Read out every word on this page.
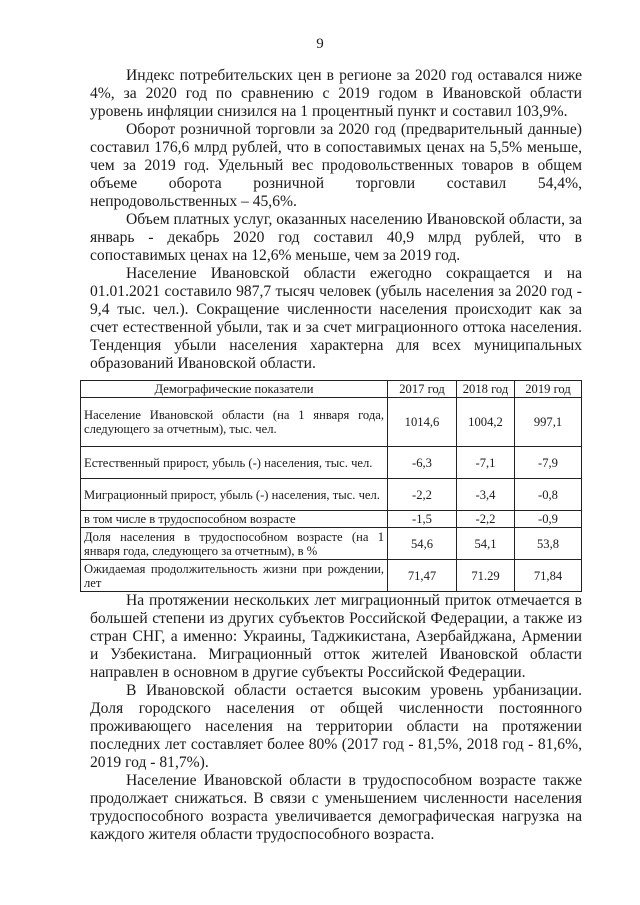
9

Индекс потребительских цен в регионе за 2020 год оставался ниже 4%, за 2020 год по сравнению с 2019 годом в Ивановской области уровень инфляции снизился на 1 процентный пункт и составил 103,9%.

Оборот розничной торговли за 2020 год (предварительный данные) составил 176,6 млрд рублей, что в сопоставимых ценах на 5,5% меньше, чем за 2019 год. Удельный вес продовольственных товаров в общем объеме оборота розничной торговли составил 54,4%, непродовольственных – 45,6%.

Объем платных услуг, оказанных населению Ивановской области, за январь - декабрь 2020 год составил 40,9 млрд рублей, что в сопоставимых ценах на 12,6% меньше, чем за 2019 год.

Население Ивановской области ежегодно сокращается и на 01.01.2021 составило 987,7 тысяч человек (убыль населения за 2020 год - 9,4 тыс. чел.). Сокращение численности населения происходит как за счет естественной убыли, так и за счет миграционного оттока населения. Тенденция убыли населения характерна для всех муниципальных образований Ивановской области.

Демографические показатели	2017 год	2018 год	2019 год
Население Ивановской области (на 1 января года, следующего за отчетным), тыс. чел.	1014,6	1004,2	997,1
Естественный прирост, убыль (-) населения, тыс. чел.	-6,3	-7,1	-7,9
Миграционный прирост, убыль (-) населения, тыс. чел.	-2,2	-3,4	-0,8
в том числе в трудоспособном возрасте	-1,5	-2,2	-0,9
Доля населения в трудоспособном возрасте (на 1 января года, следующего за отчетным), в %	54,6	54,1	53,8
Ожидаемая продолжительность жизни при рождении, лет	71,47	71.29	71,84

На протяжении нескольких лет миграционный приток отмечается в большей степени из других субъектов Российской Федерации, а также из стран СНГ, а именно: Украины, Таджикистана, Азербайджана, Армении и Узбекистана. Миграционный отток жителей Ивановской области направлен в основном в другие субъекты Российской Федерации.

В Ивановской области остается высоким уровень урбанизации. Доля городского населения от общей численности постоянного проживающего населения на территории области на протяжении последних лет составляет более 80% (2017 год - 81,5%, 2018 год - 81,6%, 2019 год - 81,7%).

Население Ивановской области в трудоспособном возрасте также продолжает снижаться. В связи с уменьшением численности населения трудоспособного возраста увеличивается демографическая нагрузка на каждого жителя области трудоспособного возраста.
